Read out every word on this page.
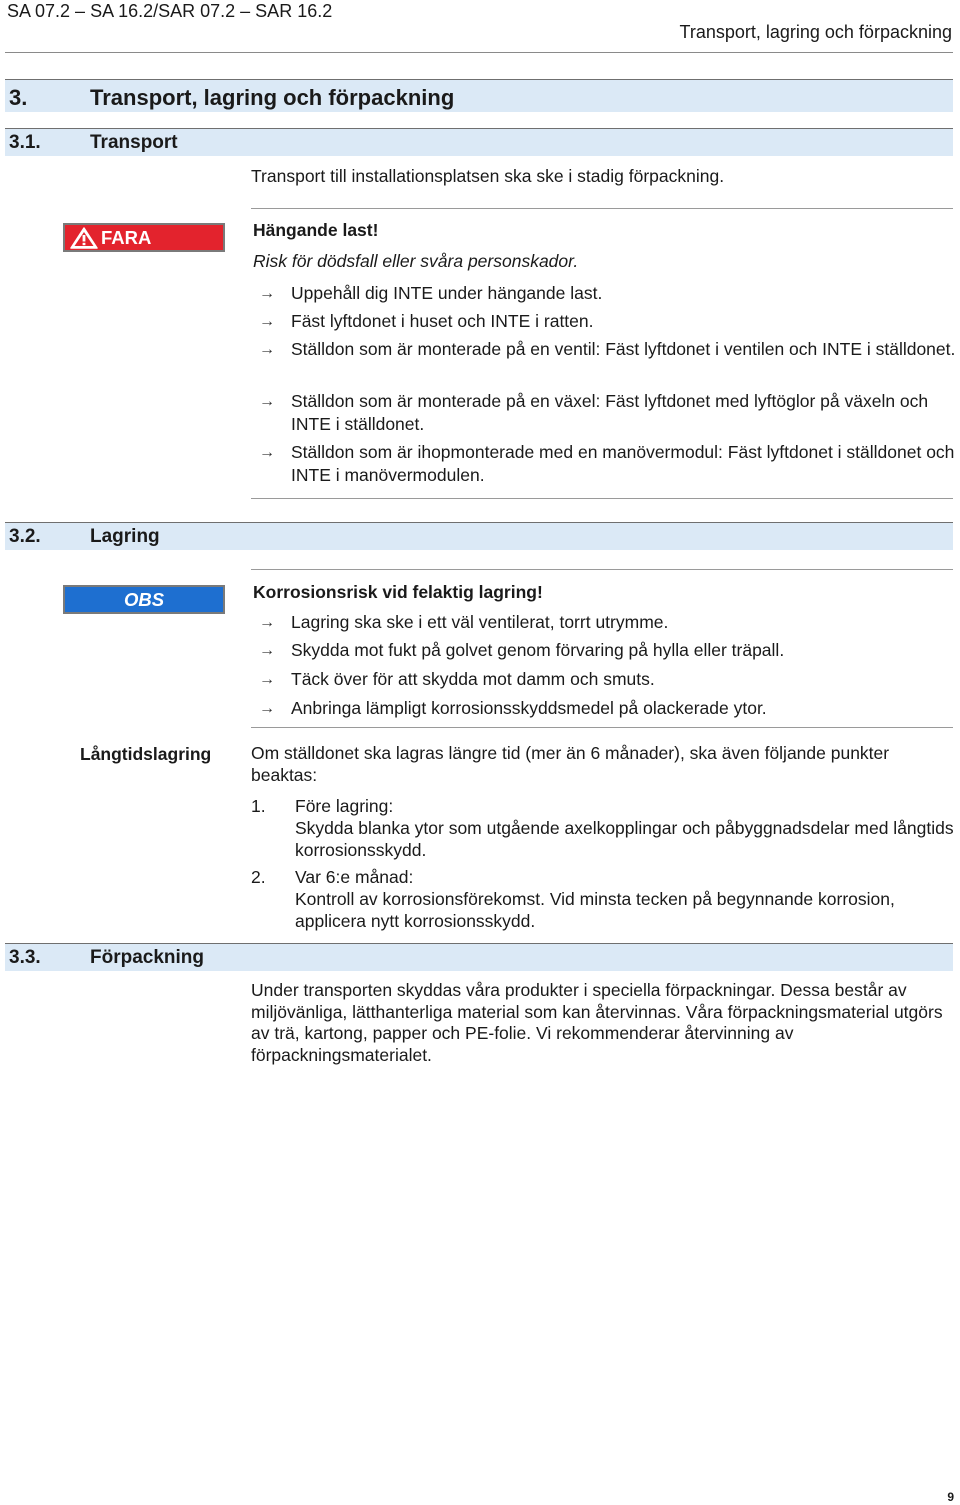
SA 07.2 – SA 16.2/SAR 07.2 – SAR 16.2
Transport, lagring och förpackning
3.	Transport, lagring och förpackning
3.1.	Transport
Transport till installationsplatsen ska ske i stadig förpackning.
FARA	Hängande last!
Risk för dödsfall eller svåra personskador.
→ Uppehåll dig INTE under hängande last.
→ Fäst lyftdonet i huset och INTE i ratten.
→ Ställdon som är monterade på en ventil: Fäst lyftdonet i ventilen och INTE i ställdonet.
→ Ställdon som är monterade på en växel: Fäst lyftdonet med lyftöglor på växeln och INTE i ställdonet.
→ Ställdon som är ihopmonterade med en manövermodul: Fäst lyftdonet i ställdonet och INTE i manövermodulen.
3.2.	Lagring
OBS	Korrosionsrisk vid felaktig lagring!
→ Lagring ska ske i ett väl ventilerat, torrt utrymme.
→ Skydda mot fukt på golvet genom förvaring på hylla eller träpall.
→ Täck över för att skydda mot damm och smuts.
→ Anbringa lämpligt korrosionsskyddsmedel på olackerade ytor.
Långtidslagring Om ställdonet ska lagras längre tid (mer än 6 månader), ska även följande punkter beaktas:
1.	Före lagring:
Skydda blanka ytor som utgående axelkopplingar och påbyggnadsdelar med långtids korrosionsskydd.
2.	Var 6:e månad:
Kontroll av korrosionsförekomst. Vid minsta tecken på begynnande korrosion, applicera nytt korrosionsskydd.
3.3.	Förpackning
Under transporten skyddas våra produkter i speciella förpackningar. Dessa består av miljövänliga, lätthanterliga material som kan återvinnas. Våra förpackningsmaterial utgörs av trä, kartong, papper och PE-folie. Vi rekommenderar återvinning av förpackningsmaterialet.
9
